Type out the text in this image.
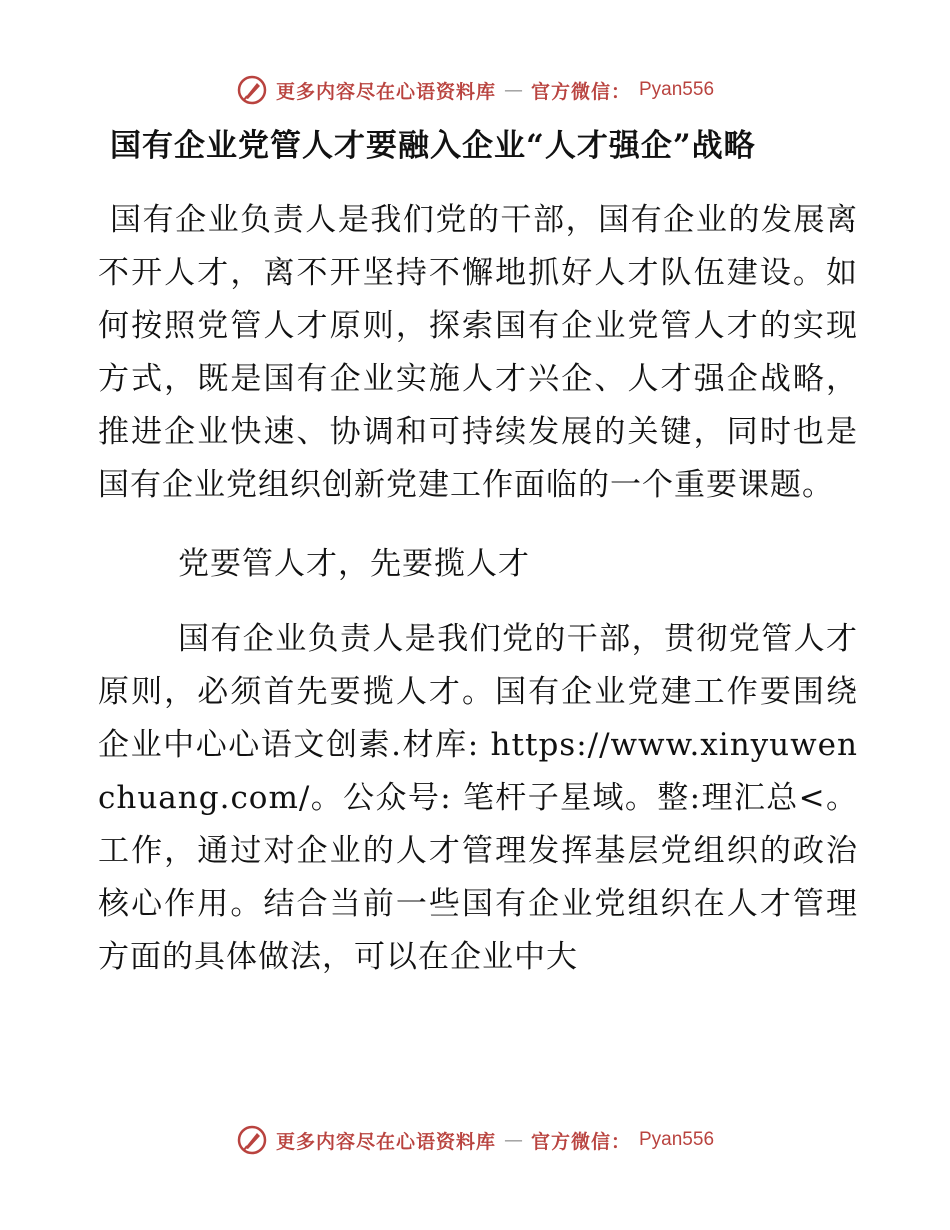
更多内容尽在心语资料库 — 官方微信： Pyan556
国有企业党管人才要融入企业“人才强企”战略

国有企业负责人是我们党的干部，国有企业的发展离不开人才，离不开坚持不懈地抓好人才队伍建设。如何按照党管人才原则，探索国有企业党管人才的实现方式，既是国有企业实施人才兴企、人才强企战略，推进企业快速、协调和可持续发展的关键，同时也是国有企业党组织创新党建工作面临的一个重要课题。

党要管人才，先要揽人才

国有企业负责人是我们党的干部，贯彻党管人才原则，必须首先要揽人才。国有企业党建工作要围绕企业中心心语文创素.材库: https://www.xinyuwenchuang.com/。公众号: 笔杆子星域。整:理汇总<。工作，通过对企业的人才管理发挥基层党组织的政治核心作用。结合当前一些国有企业党组织在人才管理方面的具体做法，可以在企业中大

更多内容尽在心语资料库 — 官方微信： Pyan556
